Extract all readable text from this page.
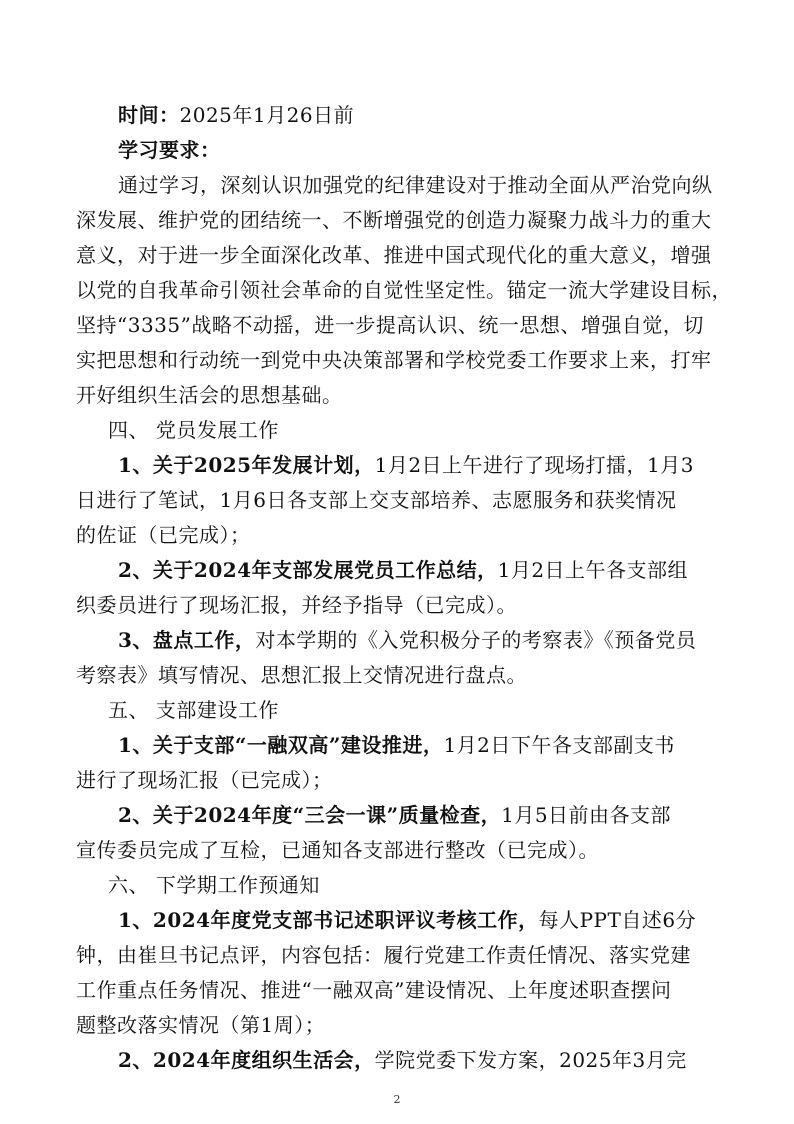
时间：2025年1月26日前
学习要求：
通过学习，深刻认识加强党的纪律建设对于推动全面从严治党向纵
深发展、维护党的团结统一、不断增强党的创造力凝聚力战斗力的重大
意义，对于进一步全面深化改革、推进中国式现代化的重大意义，增强
以党的自我革命引领社会革命的自觉性坚定性。锚定一流大学建设目标，
坚持“3335”战略不动摇，进一步提高认识、统一思想、增强自觉，切
实把思想和行动统一到党中央决策部署和学校党委工作要求上来，打牢
开好组织生活会的思想基础。
四、 党员发展工作
1、关于2025年发展计划，1月2日上午进行了现场打擂，1月3
日进行了笔试，1月6日各支部上交支部培养、志愿服务和获奖情况
的佐证（已完成）；
2、关于2024年支部发展党员工作总结，1月2日上午各支部组
织委员进行了现场汇报，并经予指导（已完成）。
3、盘点工作，对本学期的《入党积极分子的考察表》《预备党员
考察表》填写情况、思想汇报上交情况进行盘点。
五、 支部建设工作
1、关于支部“一融双高”建设推进，1月2日下午各支部副支书
进行了现场汇报（已完成）；
2、关于2024年度“三会一课”质量检查，1月5日前由各支部
宣传委员完成了互检，已通知各支部进行整改（已完成）。
六、 下学期工作预通知
1、2024年度党支部书记述职评议考核工作，每人PPT自述6分
钟，由崔旦书记点评，内容包括：履行党建工作责任情况、落实党建
工作重点任务情况、推进“一融双高”建设情况、上年度述职查摆问
题整改落实情况（第1周）；
2、2024年度组织生活会，学院党委下发方案，2025年3月完
2
